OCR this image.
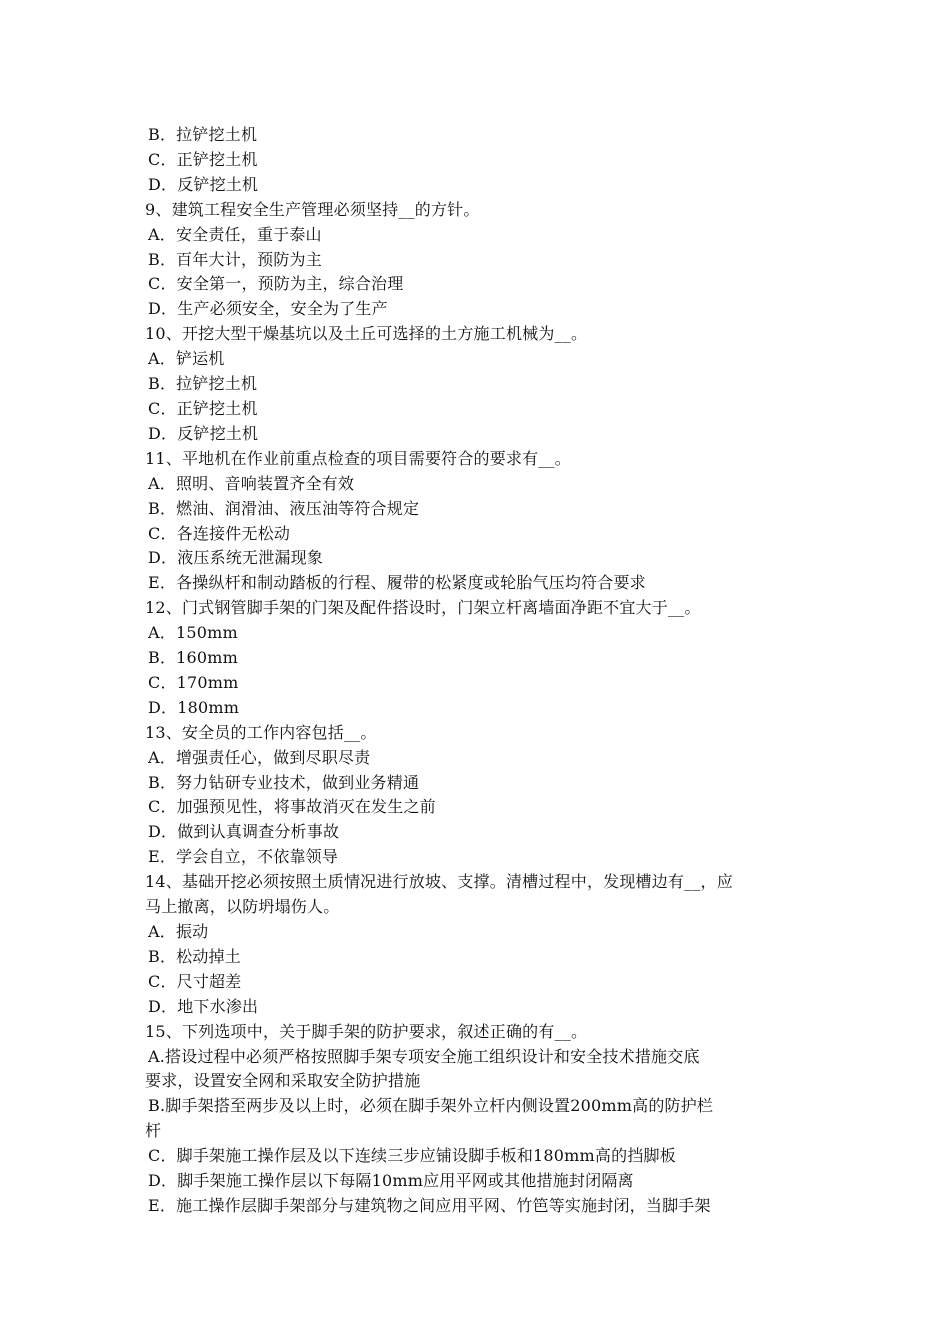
B．拉铲挖土机
C．正铲挖土机
D．反铲挖土机
9、建筑工程安全生产管理必须坚持__的方针。
A．安全责任，重于泰山
B．百年大计，预防为主
C．安全第一，预防为主，综合治理
D．生产必须安全，安全为了生产
10、开挖大型干燥基坑以及土丘可选择的土方施工机械为__。
A．铲运机
B．拉铲挖土机
C．正铲挖土机
D．反铲挖土机
11、平地机在作业前重点检查的项目需要符合的要求有__。
A．照明、音响装置齐全有效
B．燃油、润滑油、液压油等符合规定
C．各连接件无松动
D．液压系统无泄漏现象
E．各操纵杆和制动踏板的行程、履带的松紧度或轮胎气压均符合要求
12、门式钢管脚手架的门架及配件搭设时，门架立杆离墙面净距不宜大于__。
A．150mm
B．160mm
C．170mm
D．180mm
13、安全员的工作内容包括__。
A．增强责任心，做到尽职尽责
B．努力钻研专业技术，做到业务精通
C．加强预见性，将事故消灭在发生之前
D．做到认真调查分析事故
E．学会自立，不依靠领导
14、基础开挖必须按照土质情况进行放坡、支撑。清槽过程中，发现槽边有__，应
马上撤离，以防坍塌伤人。
A．振动
B．松动掉土
C．尺寸超差
D．地下水渗出
15、下列选项中，关于脚手架的防护要求，叙述正确的有__。
A.搭设过程中必须严格按照脚手架专项安全施工组织设计和安全技术措施交底
要求，设置安全网和采取安全防护措施
B.脚手架搭至两步及以上时，必须在脚手架外立杆内侧设置200mm高的防护栏
杆
C．脚手架施工操作层及以下连续三步应铺设脚手板和180mm高的挡脚板
D．脚手架施工操作层以下每隔10mm应用平网或其他措施封闭隔离
E．施工操作层脚手架部分与建筑物之间应用平网、竹笆等实施封闭，当脚手架
